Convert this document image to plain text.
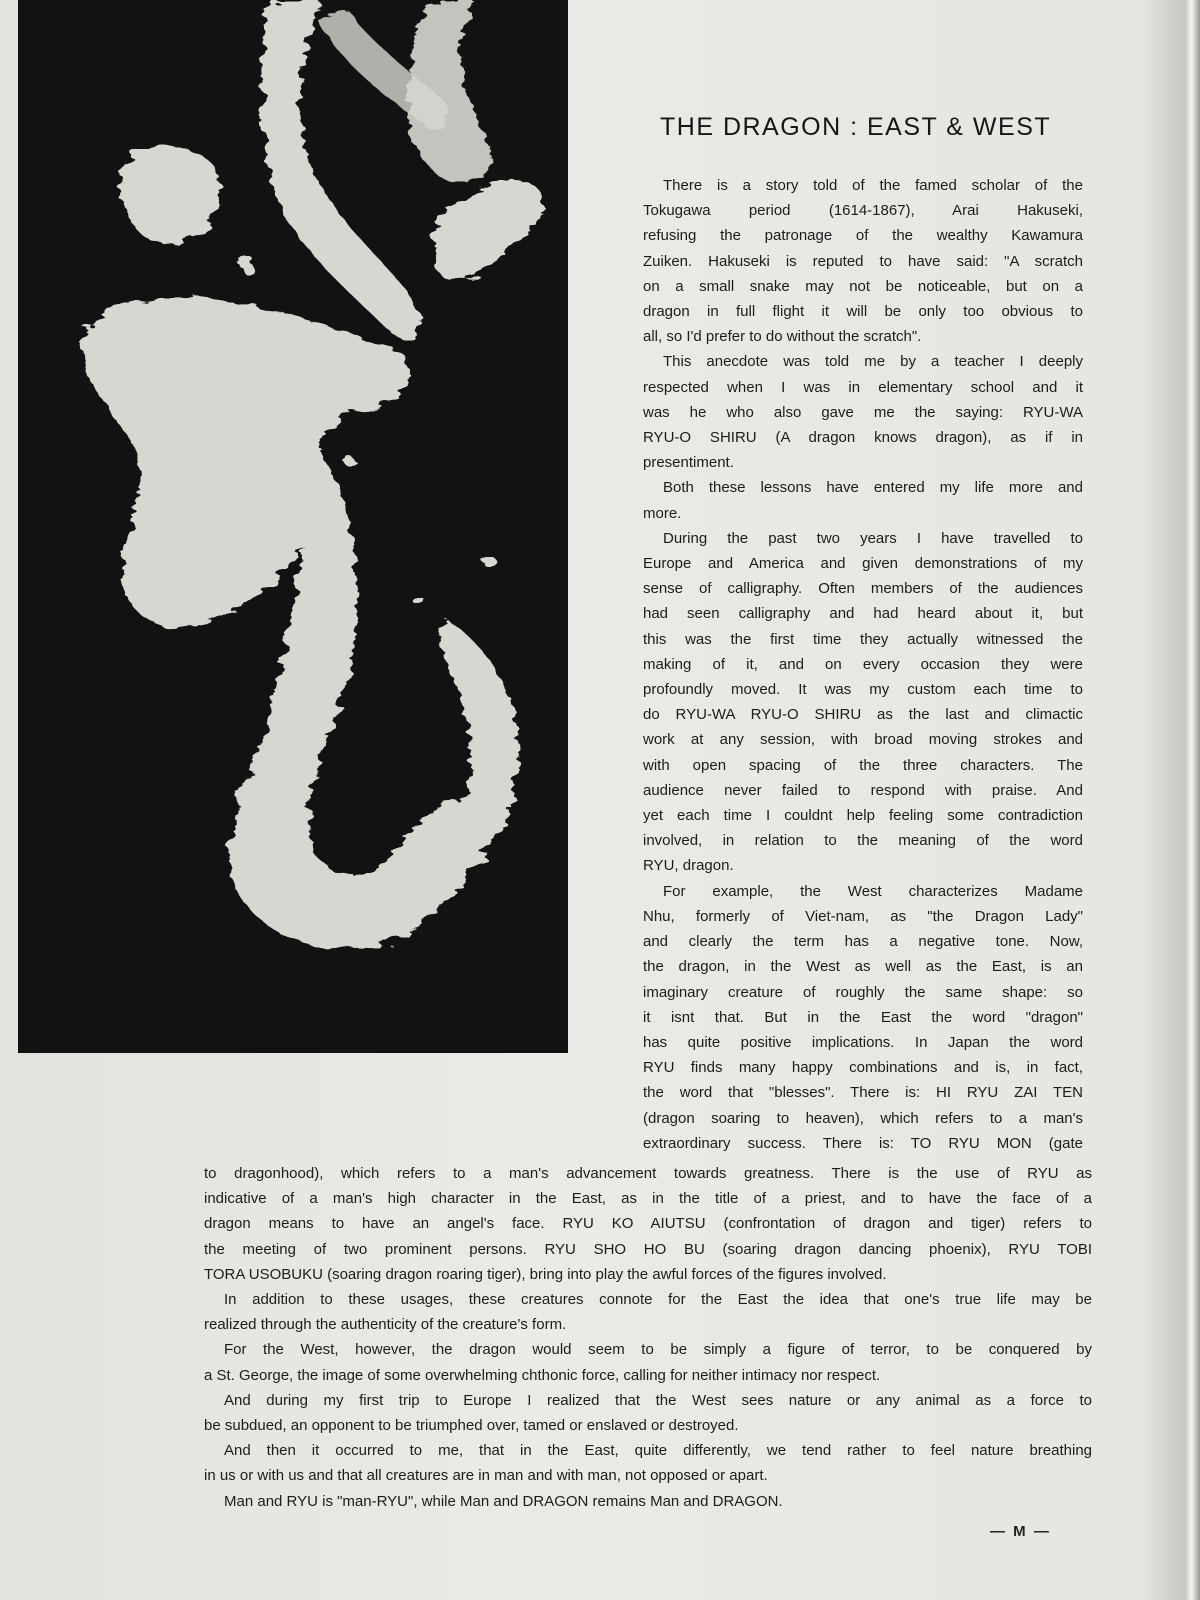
THE DRAGON : EAST & WEST

There is a story told of the famed scholar of the

Tokugawa period (1614-1867), Arai Hakuseki,

refusing the patronage of the wealthy Kawamura

Zuiken. Hakuseki is reputed to have said: "A scratch

on a small snake may not be noticeable, but on a

dragon in full flight it will be only too obvious to

all, so I'd prefer to do without the scratch".

This anecdote was told me by a teacher I deeply

respected when I was in elementary school and it

was he who also gave me the saying: RYU-WA

RYU-O SHIRU (A dragon knows dragon), as if in

presentiment.

Both these lessons have entered my life more and

more.

During the past two years I have travelled to

Europe and America and given demonstrations of my

sense of calligraphy. Often members of the audiences

had seen calligraphy and had heard about it, but

this was the first time they actually witnessed the

making of it, and on every occasion they were

profoundly moved. It was my custom each time to

do RYU-WA RYU-O SHIRU as the last and climactic

work at any session, with broad moving strokes and

with open spacing of the three characters. The

audience never failed to respond with praise. And

yet each time I couldnt help feeling some contradiction

involved, in relation to the meaning of the word

RYU, dragon.

For example, the West characterizes Madame

Nhu, formerly of Viet-nam, as "the Dragon Lady"

and clearly the term has a negative tone. Now,

the dragon, in the West as well as the East, is an

imaginary creature of roughly the same shape: so

it isnt that. But in the East the word "dragon"

has quite positive implications. In Japan the word

RYU finds many happy combinations and is, in fact,

the word that "blesses". There is: HI RYU ZAI TEN

(dragon soaring to heaven), which refers to a man's

extraordinary success. There is: TO RYU MON (gate

to dragonhood), which refers to a man's advancement towards greatness. There is the use of RYU as

indicative of a man's high character in the East, as in the title of a priest, and to have the face of a

dragon means to have an angel's face. RYU KO AIUTSU (confrontation of dragon and tiger) refers to

the meeting of two prominent persons. RYU SHO HO BU (soaring dragon dancing phoenix), RYU TOBI

TORA USOBUKU (soaring dragon roaring tiger), bring into play the awful forces of the figures involved.

In addition to these usages, these creatures connote for the East the idea that one's true life may be

realized through the authenticity of the creature's form.

For the West, however, the dragon would seem to be simply a figure of terror, to be conquered by

a St. George, the image of some overwhelming chthonic force, calling for neither intimacy nor respect.

And during my first trip to Europe I realized that the West sees nature or any animal as a force to

be subdued, an opponent to be triumphed over, tamed or enslaved or destroyed.

And then it occurred to me, that in the East, quite differently, we tend rather to feel nature breathing

in us or with us and that all creatures are in man and with man, not opposed or apart.

Man and RYU is "man-RYU", while Man and DRAGON remains Man and DRAGON.

— M —
